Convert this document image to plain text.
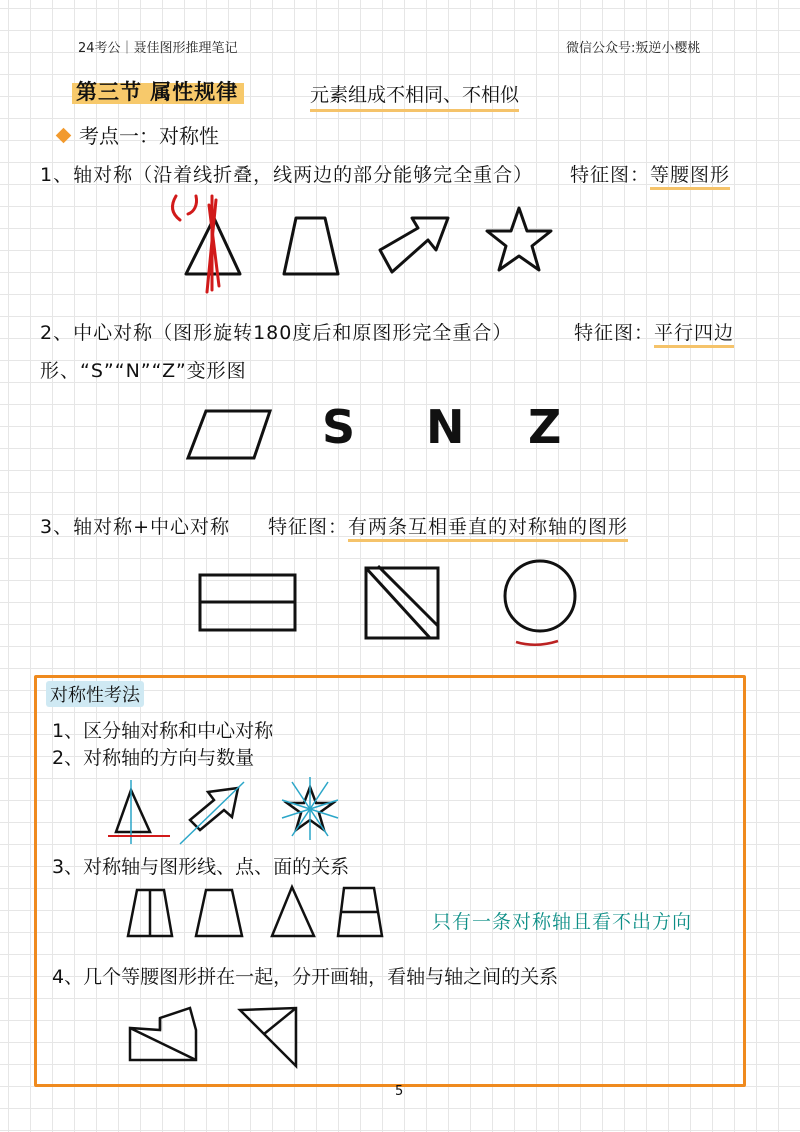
24考公｜聂佳图形推理笔记	微信公众号:叛逆小樱桃
第三节 属性规律	元素组成不相同、不相似
考点一：对称性
1、轴对称（沿着线折叠，线两边的部分能够完全重合） 特征图：等腰图形
2、中心对称（图形旋转180度后和原图形完全重合）	特征图：平行四边
形、“S”“N”“Z”变形图
S N Z
3、轴对称+中心对称 特征图：有两条互相垂直的对称轴的图形
对称性考法
1、区分轴对称和中心对称
2、对称轴的方向与数量
3、对称轴与图形线、点、面的关系
只有一条对称轴且看不出方向
4、几个等腰图形拼在一起，分开画轴，看轴与轴之间的关系
5
